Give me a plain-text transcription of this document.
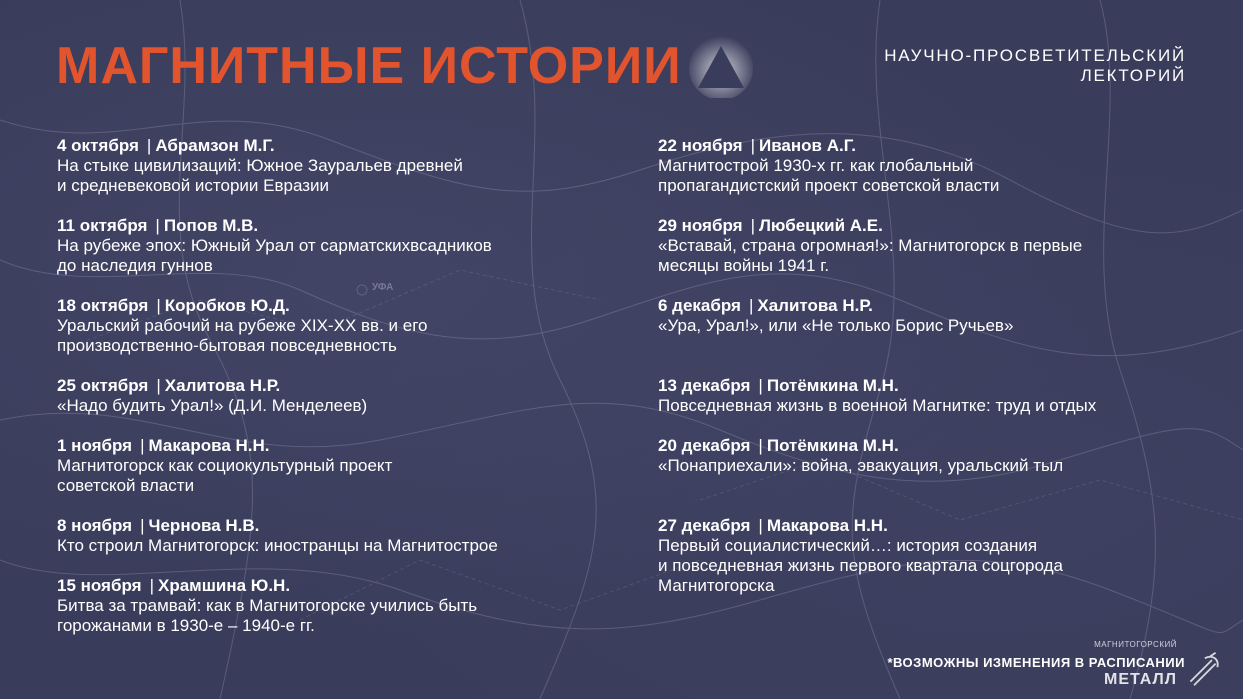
УФА
МАГНИТНЫЕ ИСТОРИИ	НАУЧНО-ПРОСВЕТИТЕЛЬСКИЙ
ЛЕКТОРИЙ
4 октября | Абрамзон М.Г.
На стыке цивилизаций: Южное Зауральев древней
и средневековой истории Евразии
11 октября | Попов М.В.
На рубеже эпох: Южный Урал от сарматскихвсадников
до наследия гуннов
18 октября | Коробков Ю.Д.
Уральский рабочий на рубеже XIX-XX вв. и его
производственно-бытовая повседневность
25 октября | Халитова Н.Р.
«Надо будить Урал!» (Д.И. Менделеев)
1 ноября | Макарова Н.Н.
Магнитогорск как социокультурный проект
советской власти
8 ноября | Чернова Н.В.
Кто строил Магнитогорск: иностранцы на Магнитострое
15 ноября | Храмшина Ю.Н.
Битва за трамвай: как в Магнитогорске учились быть
горожанами в 1930-е – 1940-е гг.
22 ноября | Иванов А.Г.
Магнитострой 1930-х гг. как глобальный
пропагандистский проект советской власти
29 ноября | Любецкий А.Е.
«Вставай, страна огромная!»: Магнитогорск в первые
месяцы войны 1941 г.
6 декабря | Халитова Н.Р.
«Ура, Урал!», или «Не только Борис Ручьев»
13 декабря | Потёмкина М.Н.
Повседневная жизнь в военной Магнитке: труд и отдых
20 декабря | Потёмкина М.Н.
«Понаприехали»: война, эвакуация, уральский тыл
27 декабря | Макарова Н.Н.
Первый социалистический…: история создания
и повседневная жизнь первого квартала соцгорода
Магнитогорска
*ВОЗМОЖНЫ ИЗМЕНЕНИЯ В РАСПИСАНИИ
МАГНИТОГОРСКИЙ
МЕТАЛЛ
